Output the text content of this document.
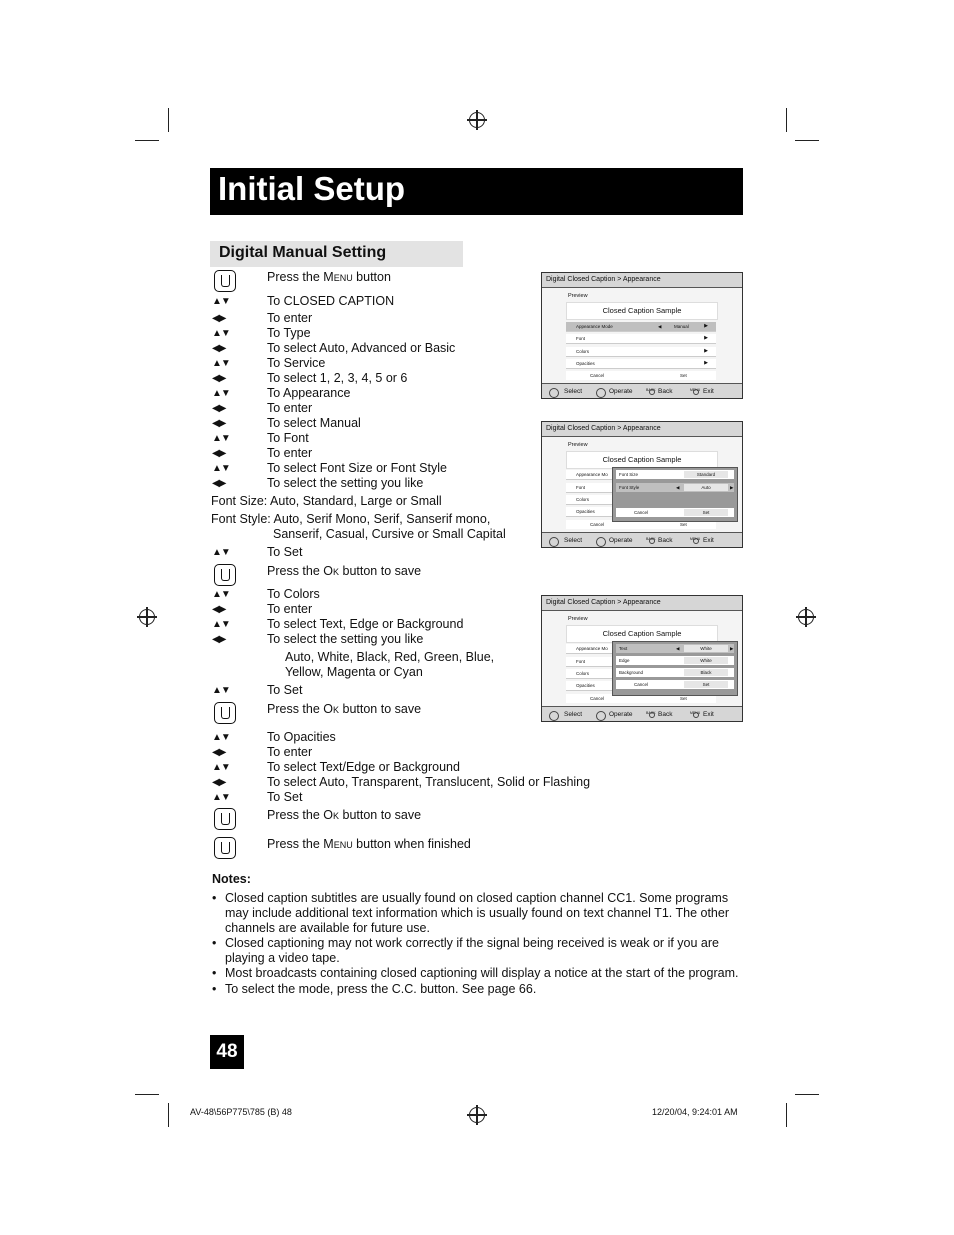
Initial Setup
Digital Manual Setting
Press the Menu button
▲▼	To CLOSED CAPTION
◀▶	To enter
▲▼	To Type
◀▶	To select Auto, Advanced or Basic
▲▼	To Service
◀▶	To select 1, 2, 3, 4, 5 or 6
▲▼	To Appearance
◀▶	To enter
◀▶	To select Manual
▲▼	To Font
◀▶	To enter
▲▼	To select Font Size or Font Style
◀▶	To select the setting you like
Font Size: Auto, Standard, Large or Small
Font Style: Auto, Serif Mono, Serif, Sanserif mono,
Sanserif, Casual, Cursive or Small Capital
▲▼	To Set
Press the Ok button to save
▲▼	To Colors
◀▶	To enter
▲▼	To select Text, Edge or Background
◀▶	To select the setting you like
Auto, White, Black, Red, Green, Blue,
Yellow, Magenta or Cyan
▲▼	To Set
Press the Ok button to save
▲▼	To Opacities
◀▶	To enter
▲▼	To select Text/Edge or Background
◀▶	To select Auto, Transparent, Translucent, Solid or Flashing
▲▼	To Set
Press the Ok button to save
Press the Menu button when finished
Notes:
• Closed caption subtitles are usually found on closed caption channel CC1. Some programs may include additional text information which is usually found on text channel T1. The other channels are available for future use.
• Closed captioning may not work correctly if the signal being received is weak or if you are playing a video tape.
• Most broadcasts containing closed captioning will display a notice at the start of the program.
• To select the mode, press the C.C. button. See page 66.
48
AV-48\56P775\785 (B) 48	12/20/04, 9:24:01 AM
Digital Closed Caption > Appearance
Preview
Closed Caption Sample
Appearance Mode	◀	Manual	▶
Font	▶
Colors	▶
Opacities	▶
Cancel	Set
Select	Operate	BACK Back	MENU Exit
Digital Closed Caption > Appearance
Preview
Closed Caption Sample
Appearance Mo
Font
Colors
Opacities
Cancel	Set
Font Size	Standard
Font Style	◀	Auto	▶
Cancel	Set
Select	Operate	BACK Back	MENU Exit
Digital Closed Caption > Appearance
Preview
Closed Caption Sample
Appearance Mo
Font
Colors
Opacities
Cancel	Set
Text	◀	White	▶
Edge	White
Background	Black
Cancel	Set
Select	Operate	BACK Back	MENU Exit
